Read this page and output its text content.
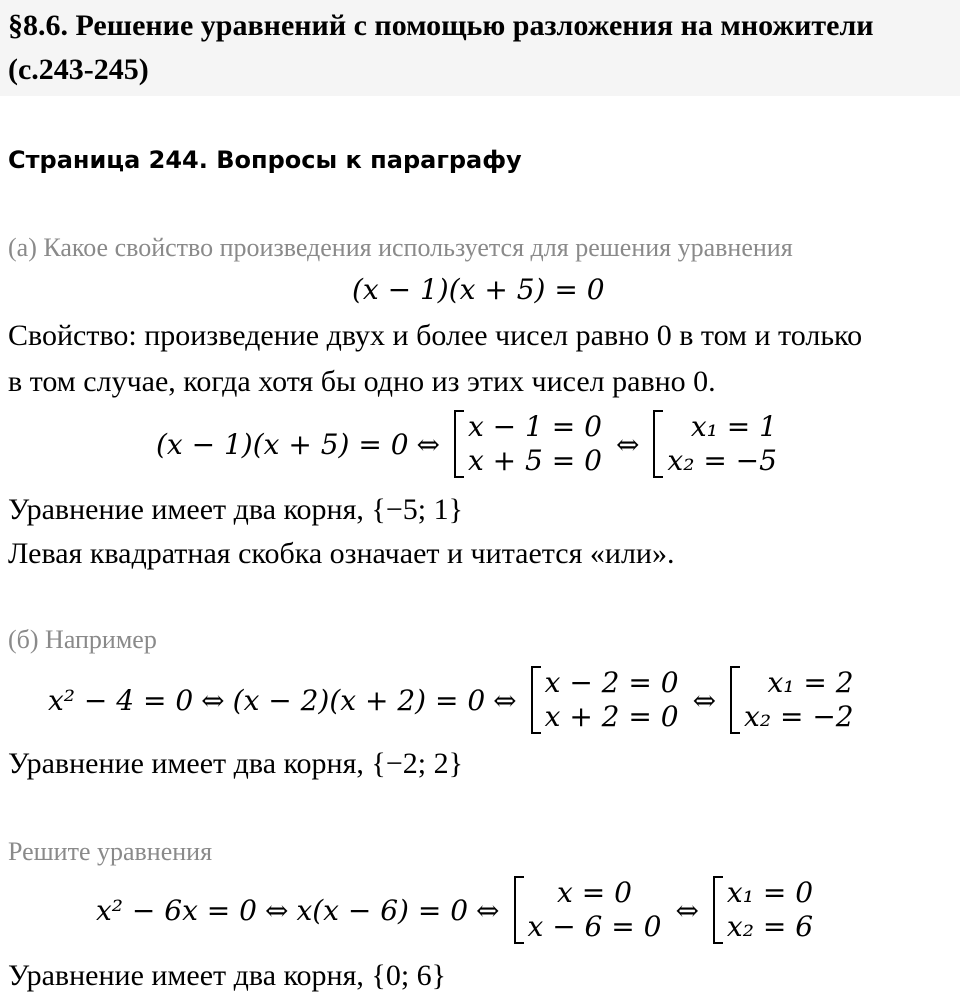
§8.6. Решение уравнений с помощью разложения на множители (с.243-245)
Страница 244. Вопросы к параграфу
(а) Какое свойство произведения используется для решения уравнения
(x − 1)(x + 5) = 0
Свойство: произведение двух и более чисел равно 0 в том и только
в том случае, когда хотя бы одно из этих чисел равно 0.
(x − 1)(x + 5) = 0 ⇔
x − 1 = 0
x + 5 = 0 ⇔
x₁ = 1
x₂ = −5
Уравнение имеет два корня, {−5; 1}
Левая квадратная скобка означает и читается «или».
(б) Например
x² − 4 = 0 ⇔ (x − 2)(x + 2) = 0 ⇔
x − 2 = 0
x + 2 = 0 ⇔
x₁ = 2
x₂ = −2
Уравнение имеет два корня, {−2; 2}
Решите уравнения
x² − 6x = 0 ⇔ x(x − 6) = 0 ⇔
x = 0
x − 6 = 0 ⇔
x₁ = 0
x₂ = 6
Уравнение имеет два корня, {0; 6}
